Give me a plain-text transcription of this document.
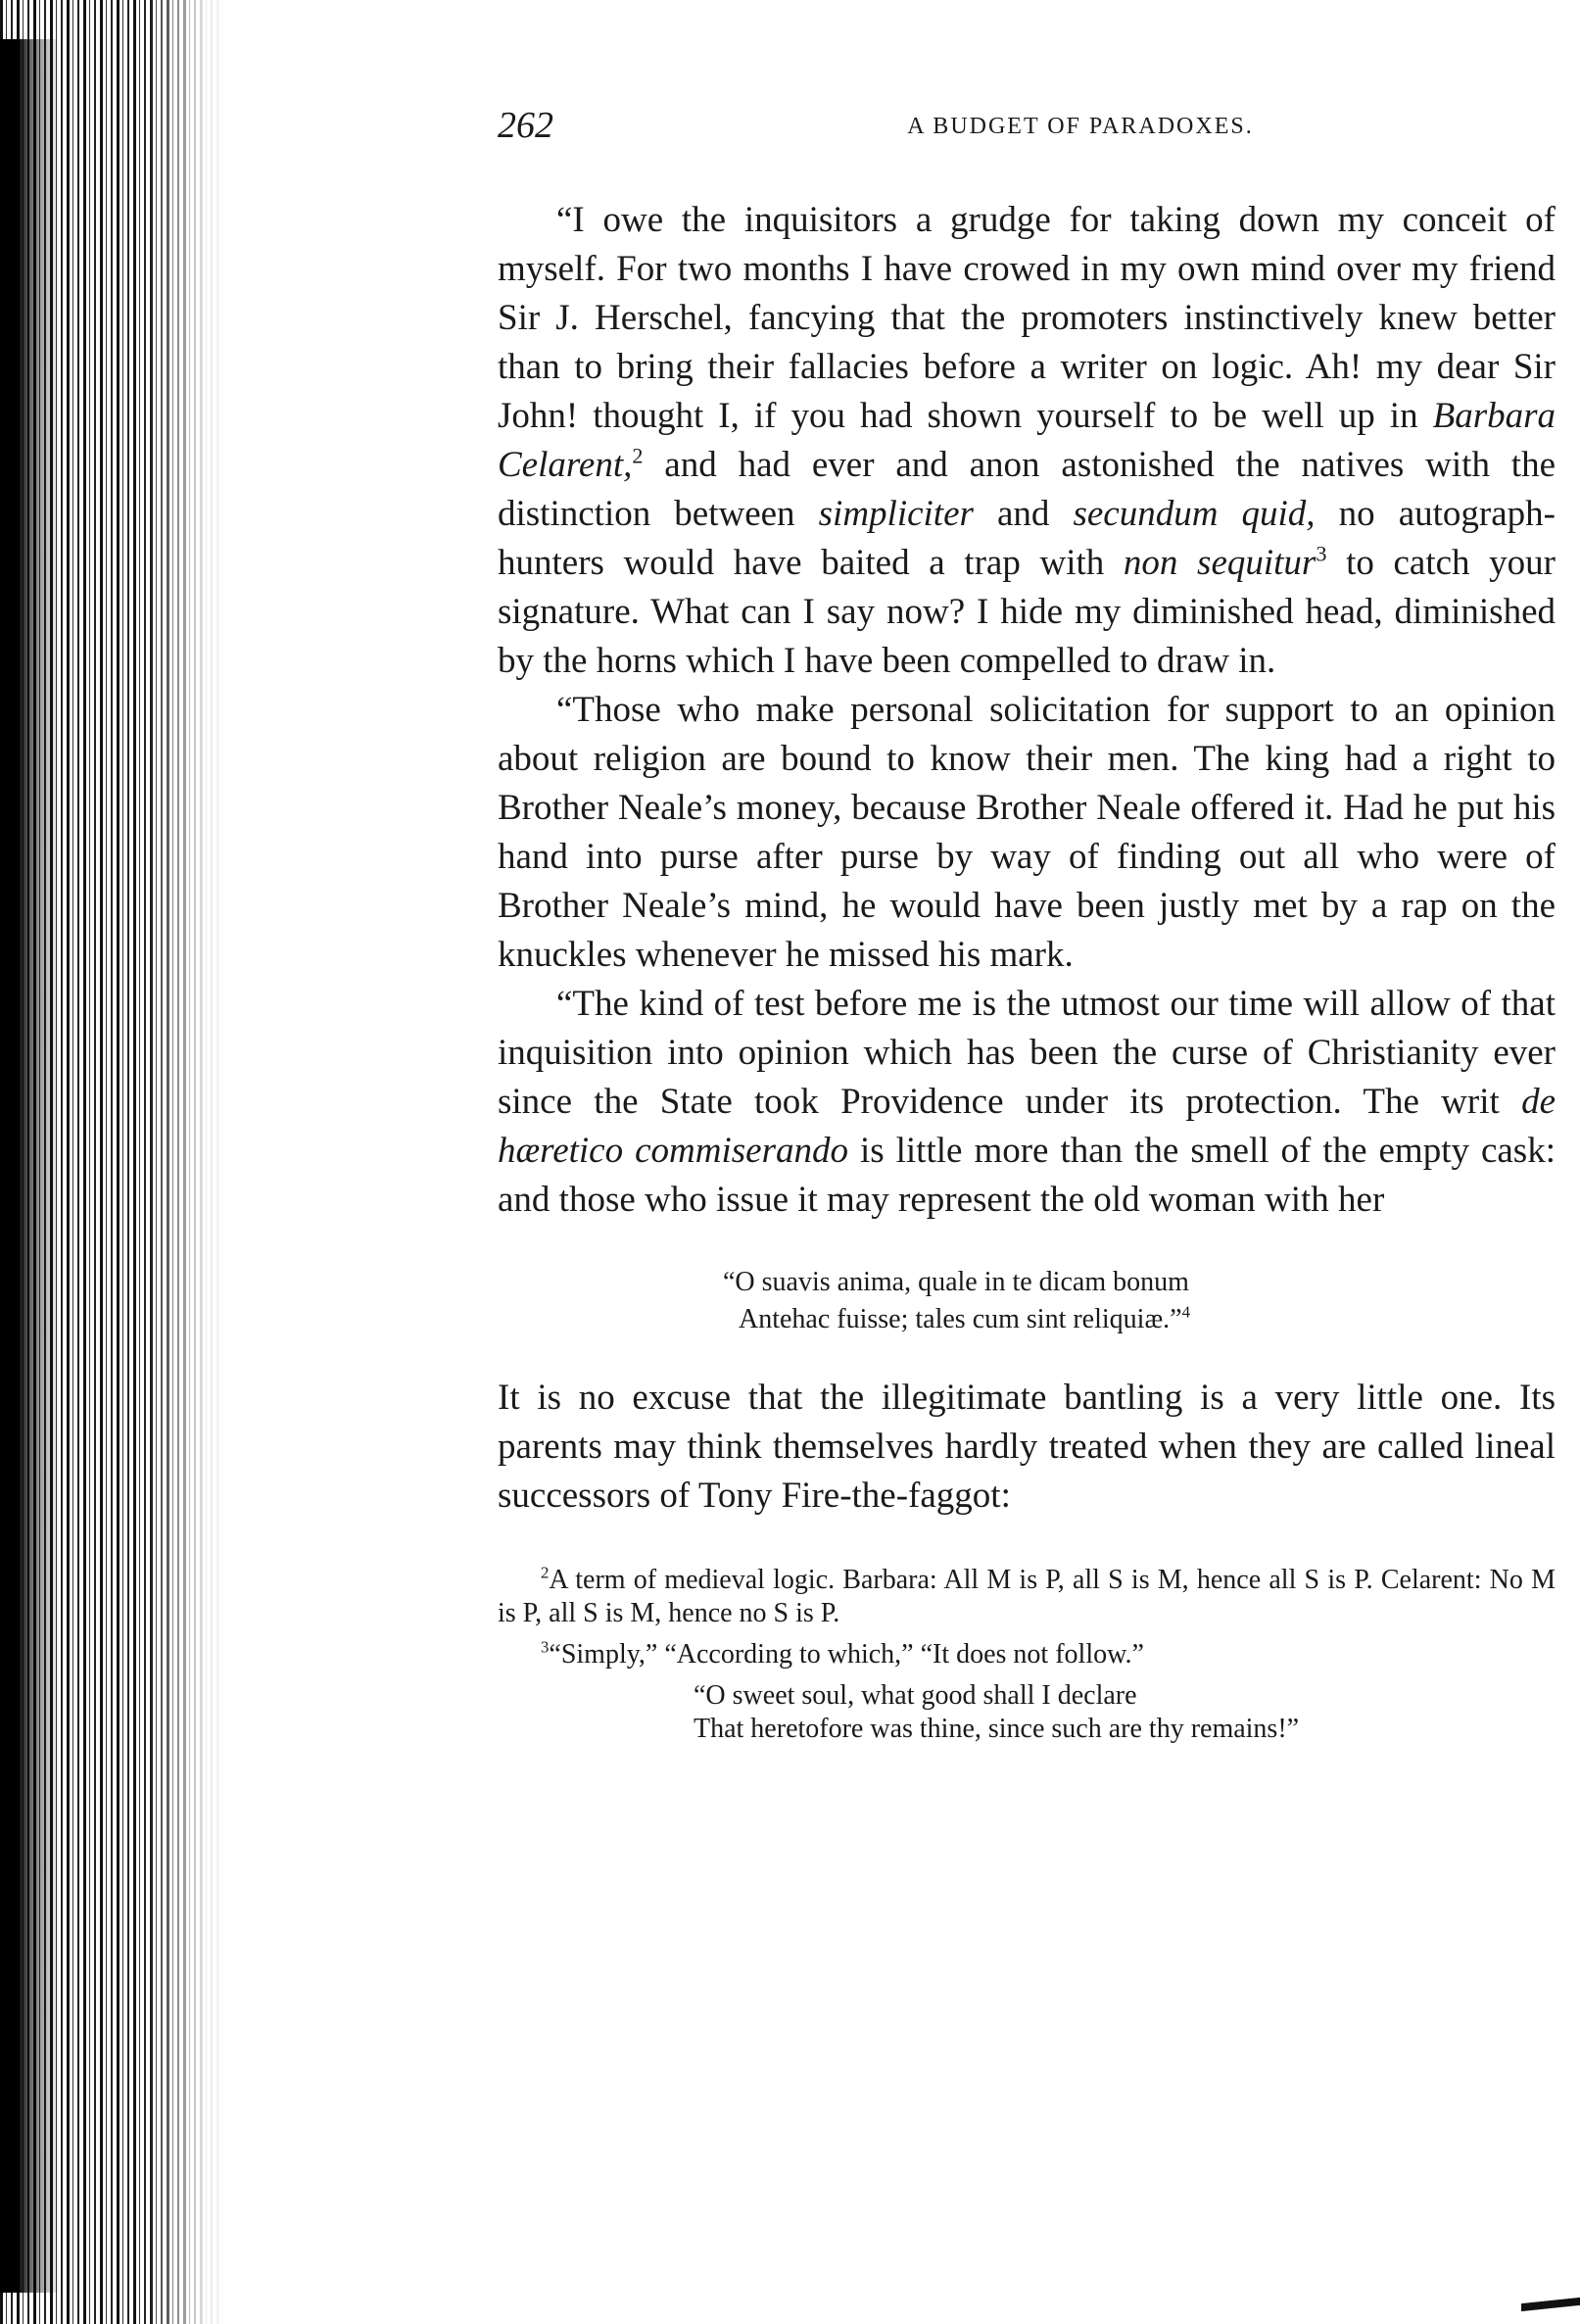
262	A BUDGET OF PARADOXES.

“I owe the inquisitors a grudge for taking down my conceit of myself. For two months I have crowed in my own mind over my friend Sir J. Herschel, fancying that the promoters instinctively knew better than to bring their fallacies before a writer on logic. Ah! my dear Sir John! thought I, if you had shown yourself to be well up in Barbara Celarent,$^2$ and had ever and anon astonished the natives with the distinction between simpliciter and secundum quid, no autograph-hunters would have baited a trap with non sequitur$^3$ to catch your signature. What can I say now? I hide my diminished head, diminished by the horns which I have been compelled to draw in.

“Those who make personal solicitation for support to an opinion about religion are bound to know their men. The king had a right to Brother Neale’s money, because Brother Neale offered it. Had he put his hand into purse after purse by way of finding out all who were of Brother Neale’s mind, he would have been justly met by a rap on the knuckles whenever he missed his mark.

“The kind of test before me is the utmost our time will allow of that inquisition into opinion which has been the curse of Christianity ever since the State took Providence under its protection. The writ de hæretico commiserando is little more than the smell of the empty cask: and those who issue it may represent the old woman with her

“O suavis anima, quale in te dicam bonum
Antehac fuisse; tales cum sint reliquiæ.”$^4$

It is no excuse that the illegitimate bantling is a very little one. Its parents may think themselves hardly treated when they are called lineal successors of Tony Fire-the-faggot:

$^2$A term of medieval logic. Barbara: All M is P, all S is M, hence all S is P. Celarent: No M is P, all S is M, hence no S is P.
$^3$“Simply,” “According to which,” “It does not follow.”
“O sweet soul, what good shall I declare
That heretofore was thine, since such are thy remains!”
